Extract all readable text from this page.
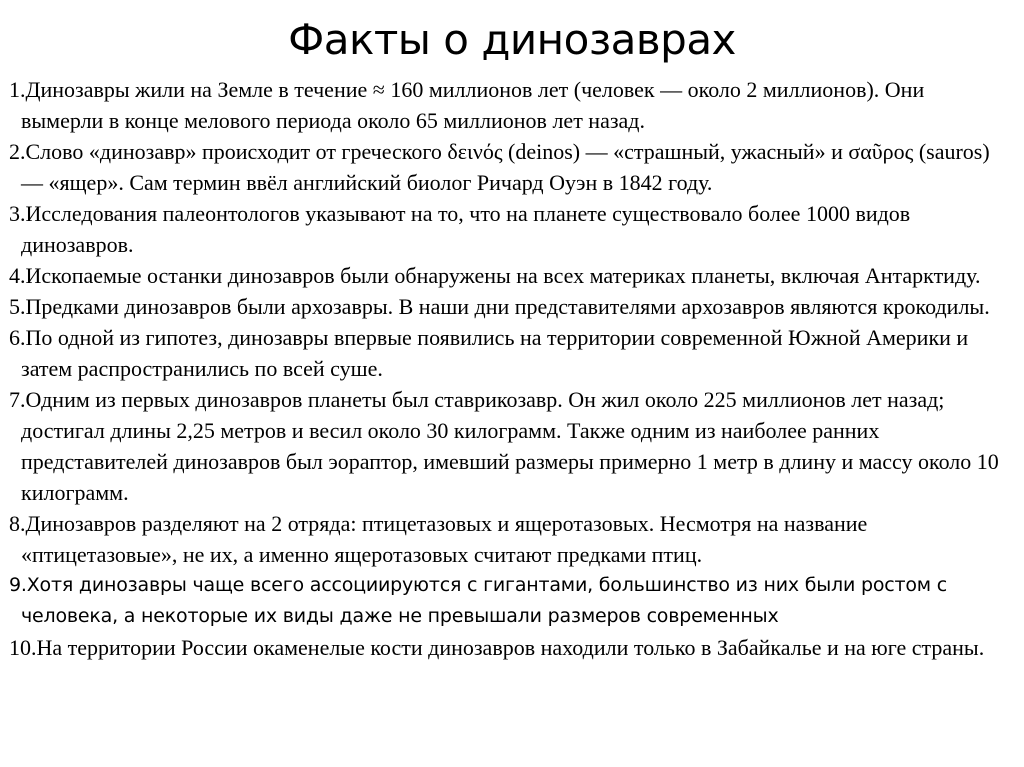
Факты о динозаврах
1.Динозавры жили на Земле в течение ≈ 160 миллионов лет (человек — около 2 миллионов). Они вымерли в конце мелового периода около 65 миллионов лет назад.
2.Слово «динозавр» происходит от греческого δεινός (deinos) — «страшный, ужасный» и σαῦρος (sauros) — «ящер». Сам термин ввёл английский биолог Ричард Оуэн в 1842 году.
3.Исследования палеонтологов указывают на то, что на планете существовало более 1000 видов динозавров.
4.Ископаемые останки динозавров были обнаружены на всех материках планеты, включая Антарктиду.
5.Предками динозавров были архозавры. В наши дни представителями архозавров являются крокодилы.
6.По одной из гипотез, динозавры впервые появились на территории современной Южной Америки и затем распространились по всей суше.
7.Одним из первых динозавров планеты был ставрикозавр. Он жил около 225 миллионов лет назад; достигал длины 2,25 метров и весил около 30 килограмм. Также одним из наиболее ранних представителей динозавров был эораптор, имевший размеры примерно 1 метр в длину и массу около 10 килограмм.
8.Динозавров разделяют на 2 отряда: птицетазовых и ящеротазовых. Несмотря на название «птицетазовые», не их, а именно ящеротазовых считают предками птиц.
9.Хотя динозавры чаще всего ассоциируются с гигантами, большинство из них были ростом с человека, а некоторые их виды даже не превышали размеров современных
10.На территории России окаменелые кости динозавров находили только в Забайкалье и на юге страны.
